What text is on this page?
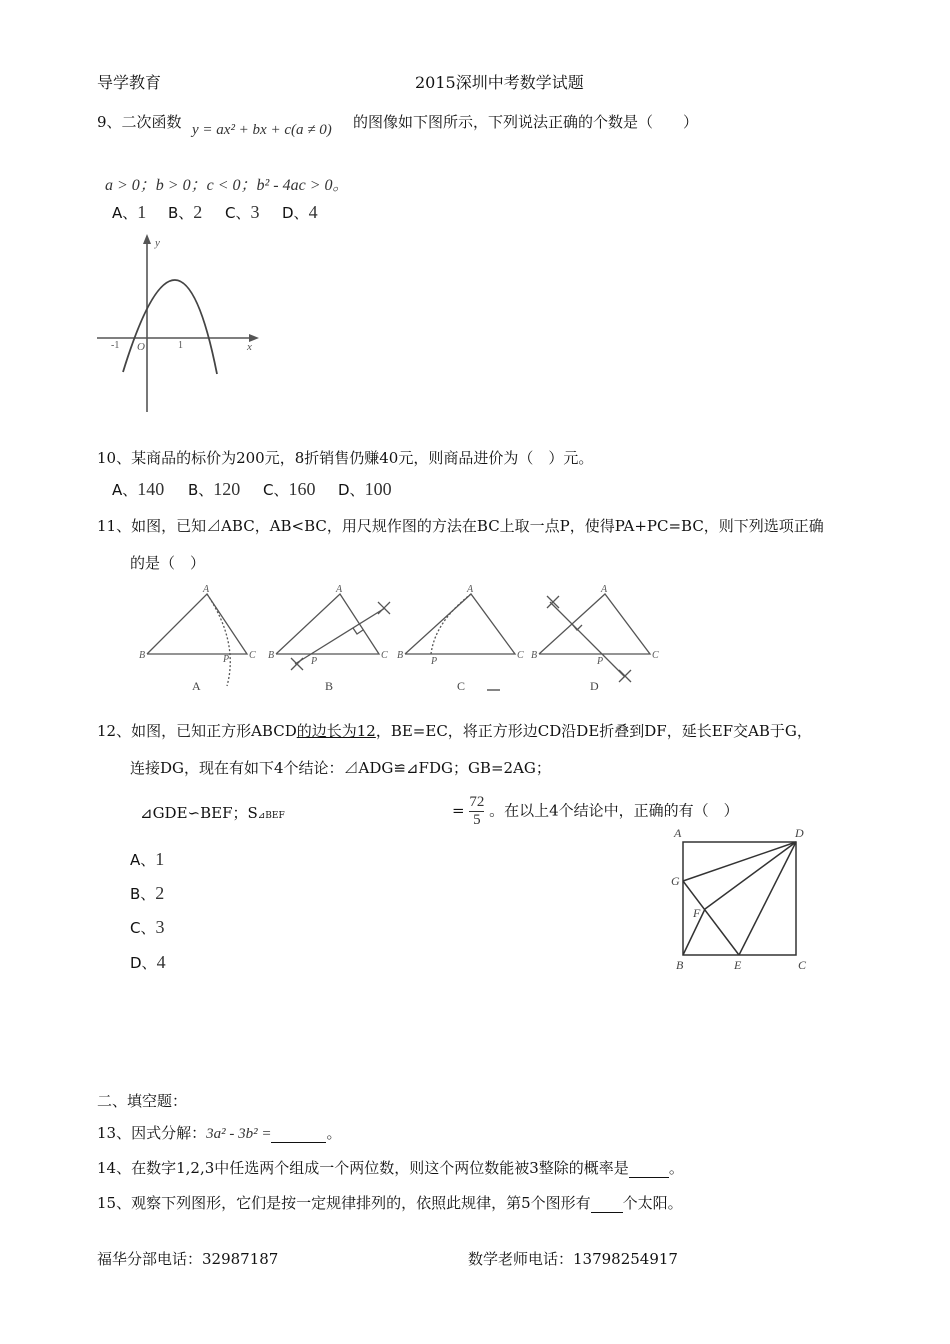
导学教育	2015深圳中考数学试题
9、二次函数 y = ax² + bx + c(a ≠ 0) 的图像如下图所示，下列说法正确的个数是（　　）
a > 0；b > 0；c < 0；b² - 4ac > 0。
A、1 B、2 C、3 D、4
y
x
O
-1	1
10、某商品的标价为200元，8折销售仍赚40元，则商品进价为（　）元。
A、140 B、120 C、160 D、100
11、如图，已知⊿ABC，AB<BC，用尺规作图的方法在BC上取一点P，使得PA+PC=BC，则下列选项正确
的是（　）
B
A
C
P	B
A
C
P
B
A
C
P
B
A
C
P
A	B	C	D
12、如图，已知正方形ABCD的边长为12，BE=EC，将正方形边CD沿DE折叠到DF，延长EF交AB于G，
连接DG，现在有如下4个结论：⊿ADG≌⊿FDG；GB=2AG；
⊿GDE∽BEF；S⊿BEF	= $\frac{72}{5}$ 。在以上4个结论中，正确的有（　）
A、1
B、2
C、3
D、4
A	D
G
F
B	E	C
二、填空题：
13、因式分解：3a² - 3b² =	。
14、在数字1,2,3中任选两个组成一个两位数，则这个两位数能被3整除的概率是	。
15、观察下列图形，它们是按一定规律排列的，依照此规律，第5个图形有 个太阳。
福华分部电话：32987187	数学老师电话：13798254917
